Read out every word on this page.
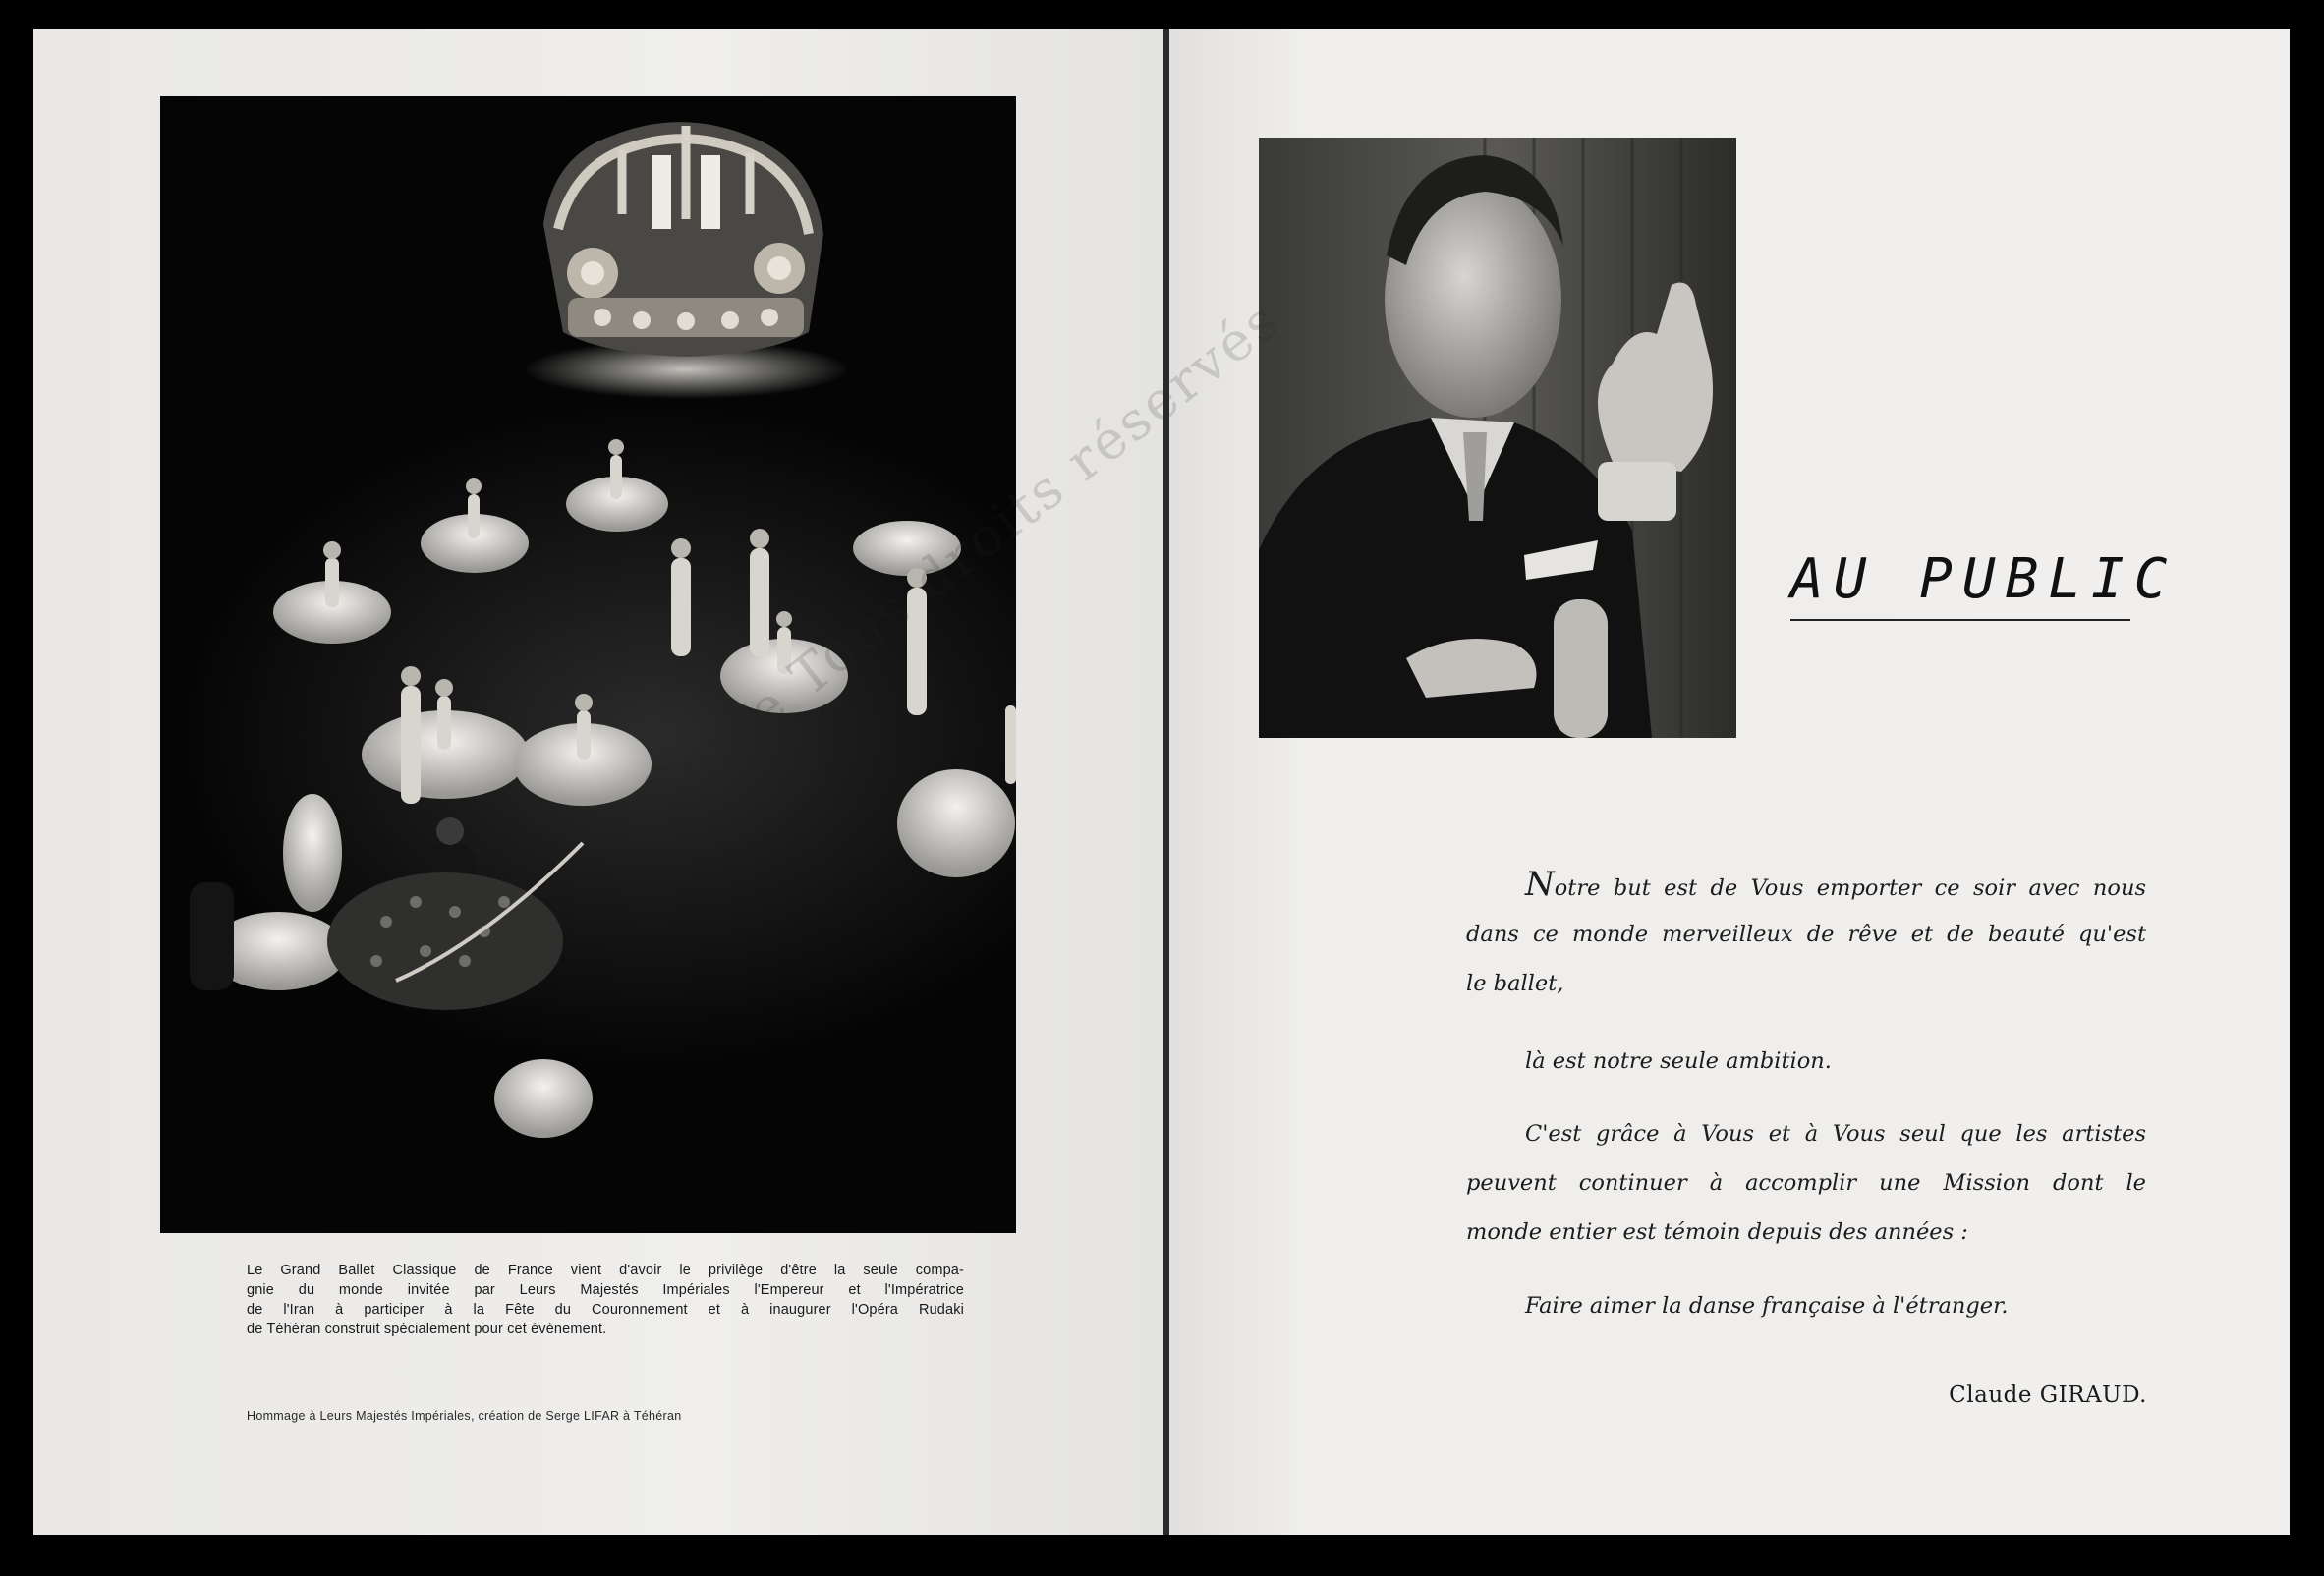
Le Grand Ballet Classique de France vient d'avoir le privilège d'être la seule compa-
gnie du monde invitée par Leurs Majestés Impériales l'Empereur et l'Impératrice
de l'Iran à participer à la Fête du Couronnement et à inaugurer l'Opéra Rudaki
de Téhéran construit spécialement pour cet événement.
Hommage à Leurs Majestés Impériales, création de Serge LIFAR à Téhéran
AU PUBLIC
Notre but est de Vous emporter ce soir avec nous
dans ce monde merveilleux de rêve et de beauté qu'est
le ballet,
là est notre seule ambition.
C'est grâce à Vous et à Vous seul que les artistes
peuvent continuer à accomplir une Mission dont le
monde entier est témoin depuis des années :
Faire aimer la danse française à l'étranger.
Claude GIRAUD.
